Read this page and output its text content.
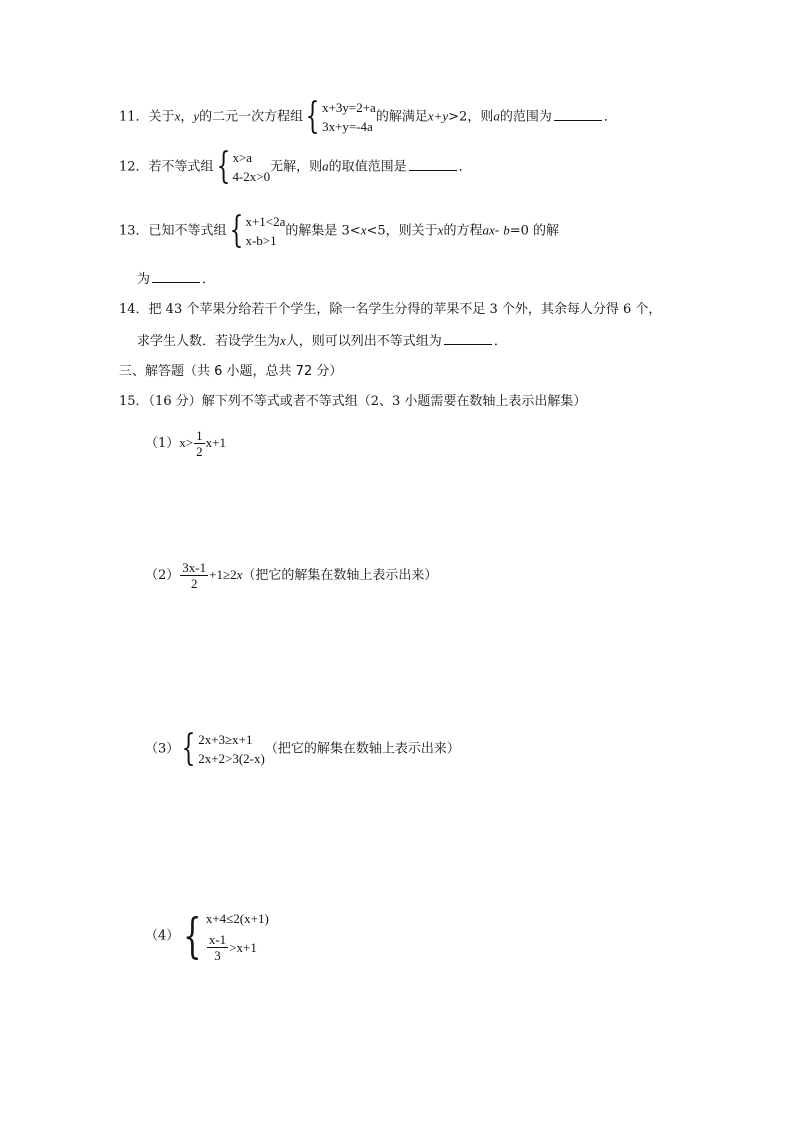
11．关于x，y的二元一次方程组 { x+3y=2+a
3x+y=-4a
的解满足x+y>2，则a的范围为	．
12．若不等式组 { x>a
4-2x>0
无解，则a的取值范围是	．
13．已知不等式组 { x+1<2a
x-b>1
的解集是 3<x<5，则关于x的方程ax- b=0 的解
为	．
14．把 43 个苹果分给若干个学生，除一名学生分得的苹果不足 3 个外，其余每人分得 6 个，
求学生人数．若设学生为x人，则可以列出不等式组为	．
三、解答题（共 6 小题，总共 72 分）
15．（16 分）解下列不等式或者不等式组（2、3 小题需要在数轴上表示出解集）
$(1)x> \frac{1}{2} x+1$
$(2) \frac{3x-1}{2} +1\ge 2x$（把它的解集在数轴上表示出来）
（3） { 2x+3≥x+1
2x+2>3(2-x)
（把它的解集在数轴上表示出来）
（4） { x+4≤2(x+1)
$\frac{x-1}{3} >x+1$
